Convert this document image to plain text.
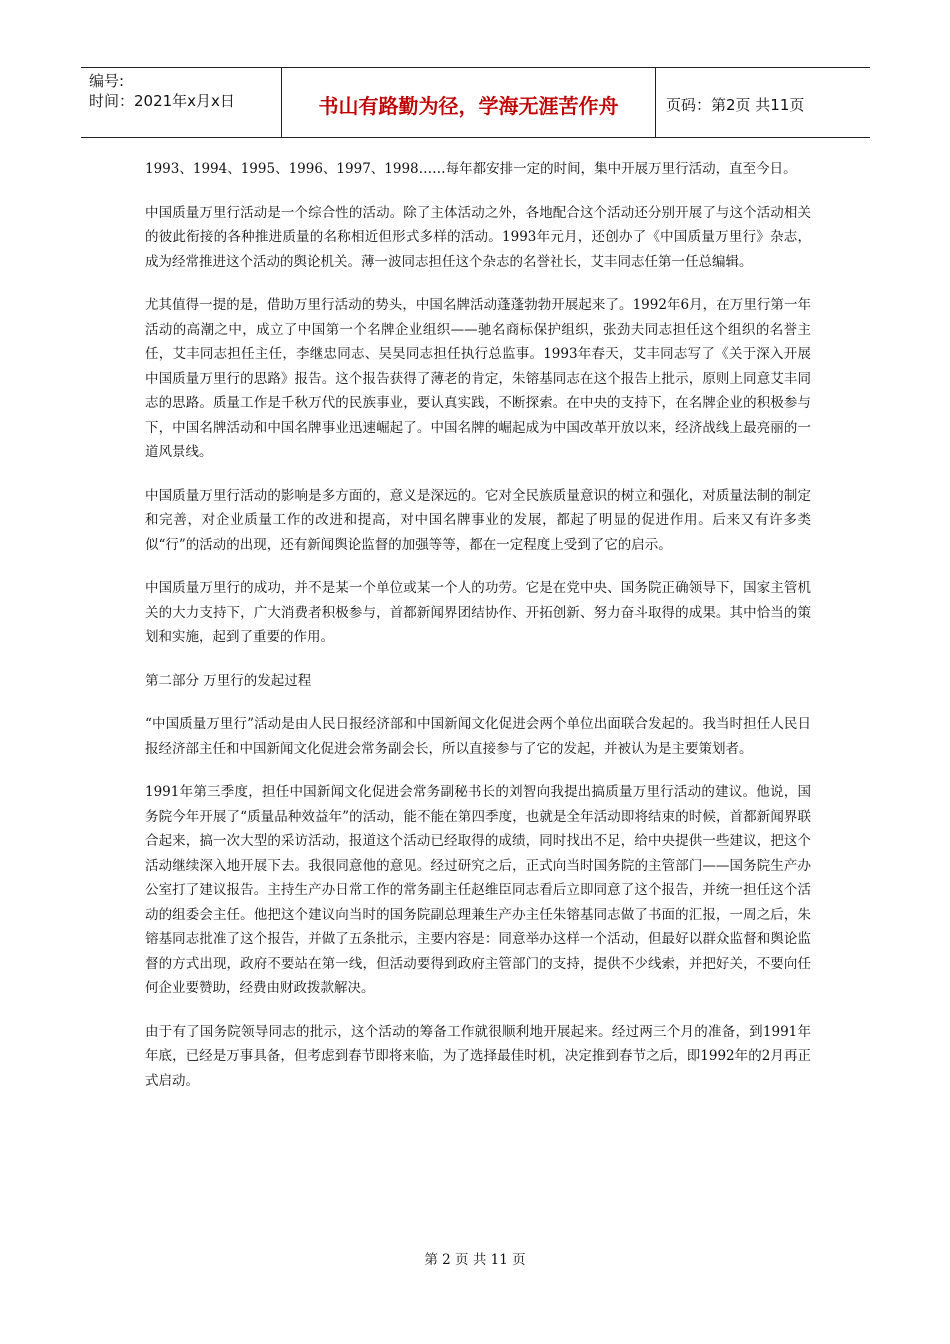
编号:
时间：2021年x月x日	书山有路勤为径，学海无涯苦作舟	页码：第2页 共11页

1993、1994、1995、1996、1997、1998……每年都安排一定的时间，集中开展万里行活动，直至今日。

中国质量万里行活动是一个综合性的活动。除了主体活动之外，各地配合这个活动还分别开展了与这个活动相关的彼此衔接的各种推进质量的名称相近但形式多样的活动。1993年元月，还创办了《中国质量万里行》杂志，成为经常推进这个活动的舆论机关。薄一波同志担任这个杂志的名誉社长，艾丰同志任第一任总编辑。

尤其值得一提的是，借助万里行活动的势头，中国名牌活动蓬蓬勃勃开展起来了。1992年6月，在万里行第一年活动的高潮之中，成立了中国第一个名牌企业组织——驰名商标保护组织，张劲夫同志担任这个组织的名誉主任，艾丰同志担任主任，李继忠同志、吴昊同志担任执行总监事。1993年春天，艾丰同志写了《关于深入开展中国质量万里行的思路》报告。这个报告获得了薄老的肯定，朱镕基同志在这个报告上批示，原则上同意艾丰同志的思路。质量工作是千秋万代的民族事业，要认真实践，不断探索。在中央的支持下，在名牌企业的积极参与下，中国名牌活动和中国名牌事业迅速崛起了。中国名牌的崛起成为中国改革开放以来，经济战线上最亮丽的一道风景线。

中国质量万里行活动的影响是多方面的，意义是深远的。它对全民族质量意识的树立和强化，对质量法制的制定和完善，对企业质量工作的改进和提高，对中国名牌事业的发展，都起了明显的促进作用。后来又有许多类似“行”的活动的出现，还有新闻舆论监督的加强等等，都在一定程度上受到了它的启示。

中国质量万里行的成功，并不是某一个单位或某一个人的功劳。它是在党中央、国务院正确领导下，国家主管机关的大力支持下，广大消费者积极参与，首都新闻界团结协作、开拓创新、努力奋斗取得的成果。其中恰当的策划和实施，起到了重要的作用。

第二部分 万里行的发起过程

“中国质量万里行”活动是由人民日报经济部和中国新闻文化促进会两个单位出面联合发起的。我当时担任人民日报经济部主任和中国新闻文化促进会常务副会长，所以直接参与了它的发起，并被认为是主要策划者。

1991年第三季度，担任中国新闻文化促进会常务副秘书长的刘智向我提出搞质量万里行活动的建议。他说，国务院今年开展了“质量品种效益年”的活动，能不能在第四季度，也就是全年活动即将结束的时候，首都新闻界联合起来，搞一次大型的采访活动，报道这个活动已经取得的成绩，同时找出不足，给中央提供一些建议，把这个活动继续深入地开展下去。我很同意他的意见。经过研究之后，正式向当时国务院的主管部门——国务院生产办公室打了建议报告。主持生产办日常工作的常务副主任赵维臣同志看后立即同意了这个报告，并统一担任这个活动的组委会主任。他把这个建议向当时的国务院副总理兼生产办主任朱镕基同志做了书面的汇报，一周之后，朱镕基同志批准了这个报告，并做了五条批示，主要内容是：同意举办这样一个活动，但最好以群众监督和舆论监督的方式出现，政府不要站在第一线，但活动要得到政府主管部门的支持，提供不少线索，并把好关，不要向任何企业要赞助，经费由财政拨款解决。

由于有了国务院领导同志的批示，这个活动的筹备工作就很顺利地开展起来。经过两三个月的准备，到1991年年底，已经是万事具备，但考虑到春节即将来临，为了选择最佳时机，决定推到春节之后，即1992年的2月再正式启动。

第 2 页 共 11 页
